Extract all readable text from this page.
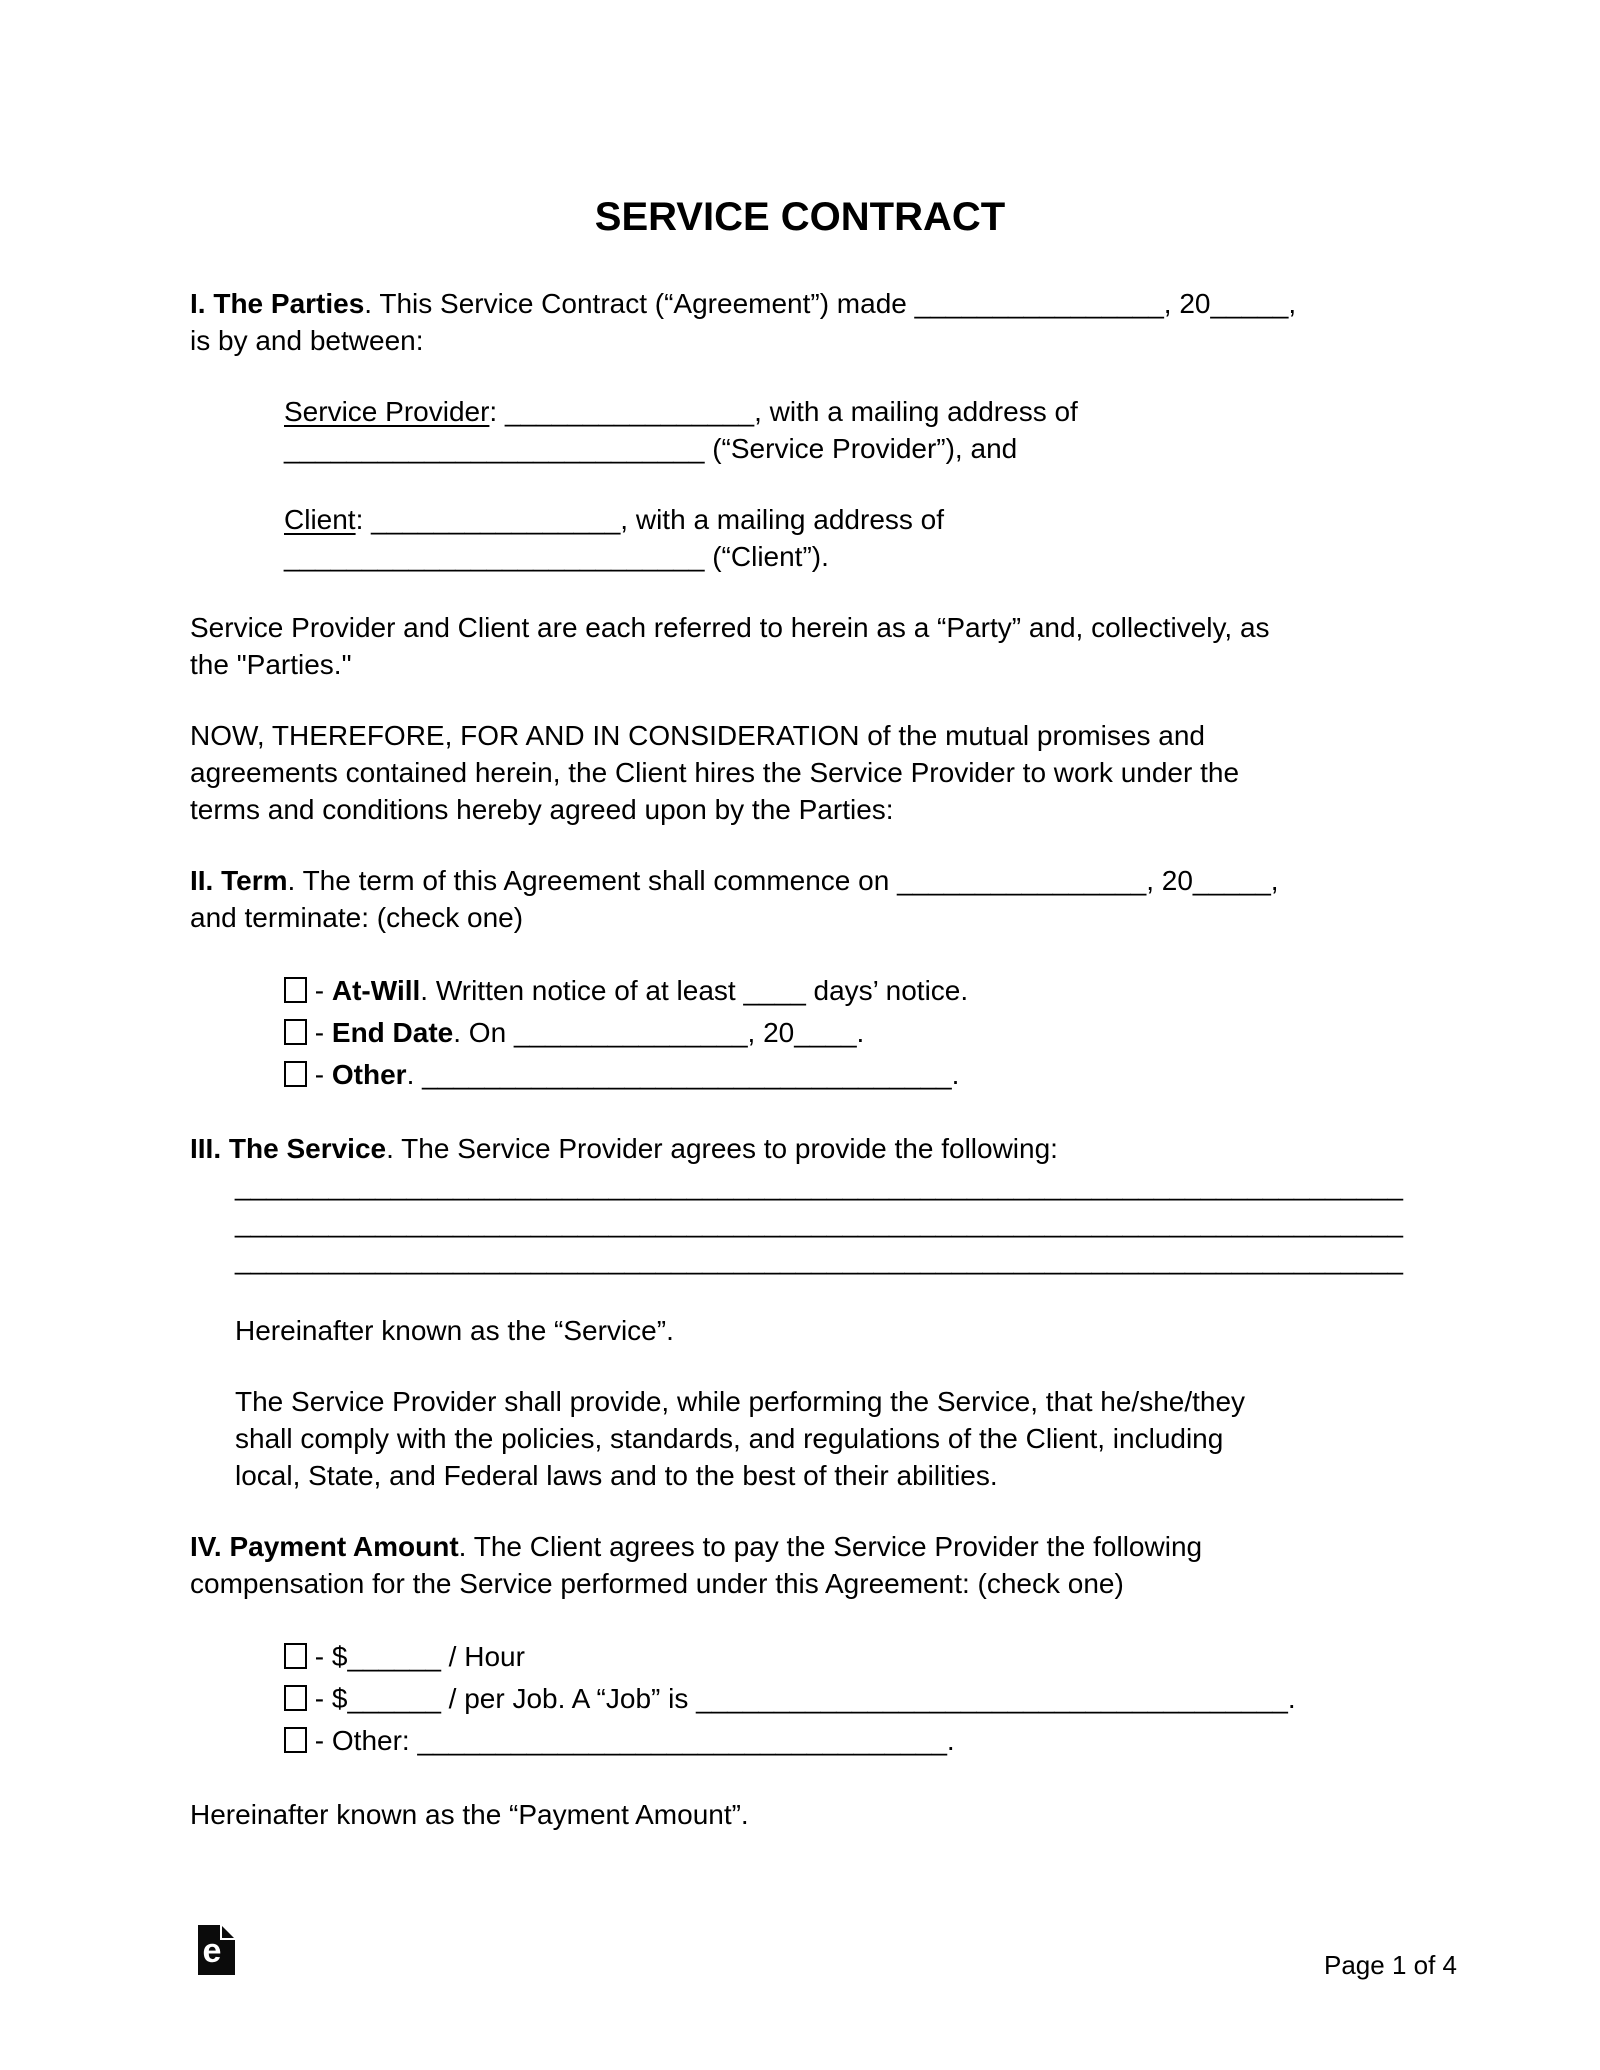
SERVICE CONTRACT
I. The Parties. This Service Contract (“Agreement”) made ________________, 20_____,
is by and between:
Service Provider: ________________, with a mailing address of
___________________________ (“Service Provider”), and
Client: ________________, with a mailing address of
___________________________ (“Client”).
Service Provider and Client are each referred to herein as a “Party” and, collectively, as
the "Parties."
NOW, THEREFORE, FOR AND IN CONSIDERATION of the mutual promises and
agreements contained herein, the Client hires the Service Provider to work under the
terms and conditions hereby agreed upon by the Parties:
II. Term. The term of this Agreement shall commence on ________________, 20_____,
and terminate: (check one)
- At-Will. Written notice of at least ____ days’ notice.
- End Date. On _______________, 20____.
- Other. __________________________________.
III. The Service. The Service Provider agrees to provide the following:
___________________________________________________________________________
___________________________________________________________________________
___________________________________________________________________________
Hereinafter known as the “Service”.
The Service Provider shall provide, while performing the Service, that he/she/they
shall comply with the policies, standards, and regulations of the Client, including
local, State, and Federal laws and to the best of their abilities.
IV. Payment Amount. The Client agrees to pay the Service Provider the following
compensation for the Service performed under this Agreement: (check one)
- $______ / Hour
- $______ / per Job. A “Job” is ______________________________________.
- Other: __________________________________.
Hereinafter known as the “Payment Amount”.
e	Page 1 of 4
